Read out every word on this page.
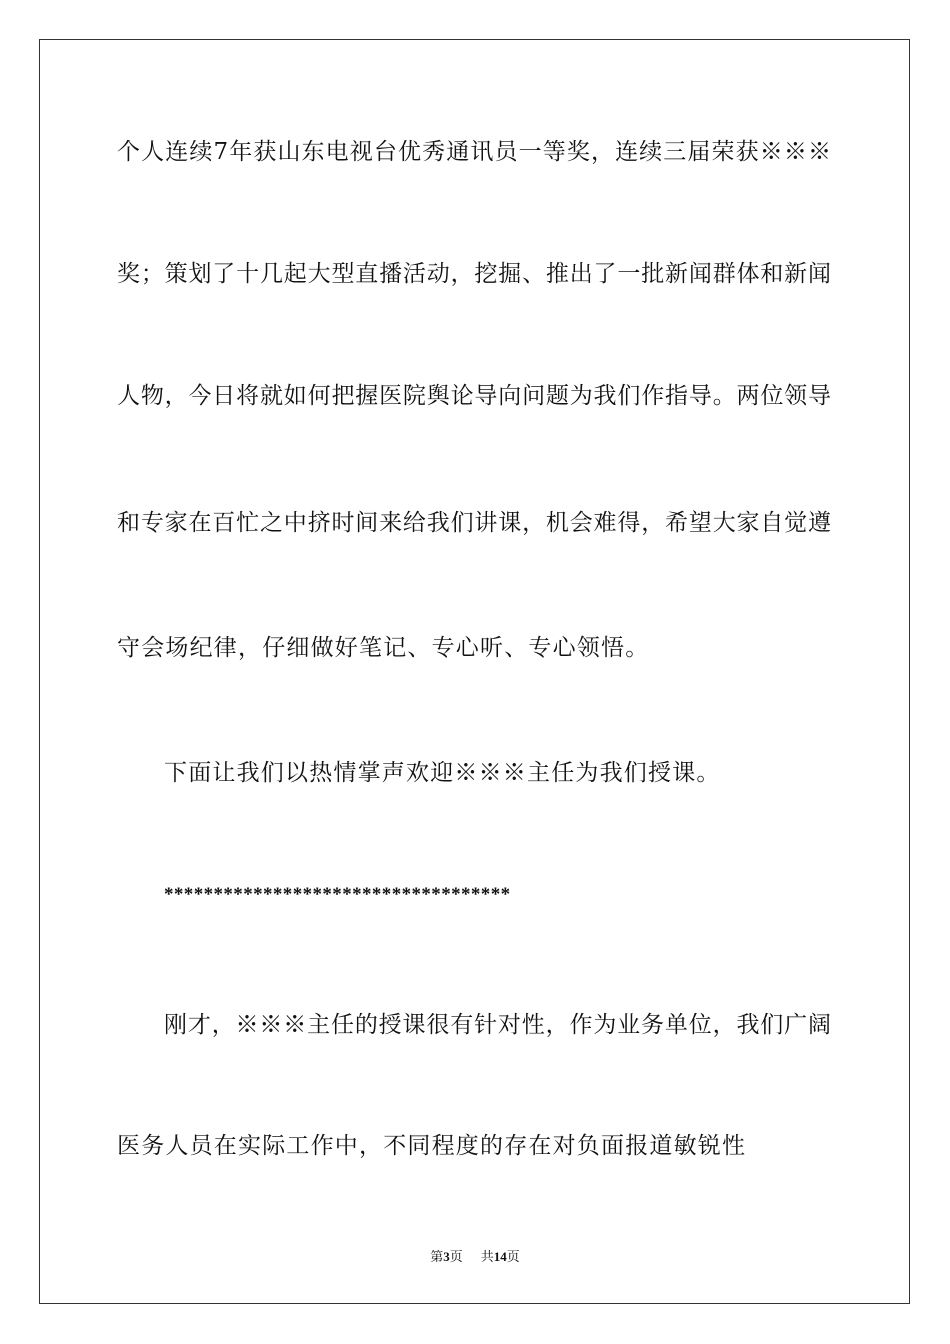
个人连续7年获山东电视台优秀通讯员一等奖，连续三届荣获※※※
奖；策划了十几起大型直播活动，挖掘、推出了一批新闻群体和新闻
人物，今日将就如何把握医院舆论导向问题为我们作指导。两位领导
和专家在百忙之中挤时间来给我们讲课，机会难得，希望大家自觉遵
守会场纪律，仔细做好笔记、专心听、专心领悟。
下面让我们以热情掌声欢迎※※※主任为我们授课。
***********************************
刚才，※※※主任的授课很有针对性，作为业务单位，我们广阔
医务人员在实际工作中，不同程度的存在对负面报道敏锐性
第3页 共14页
